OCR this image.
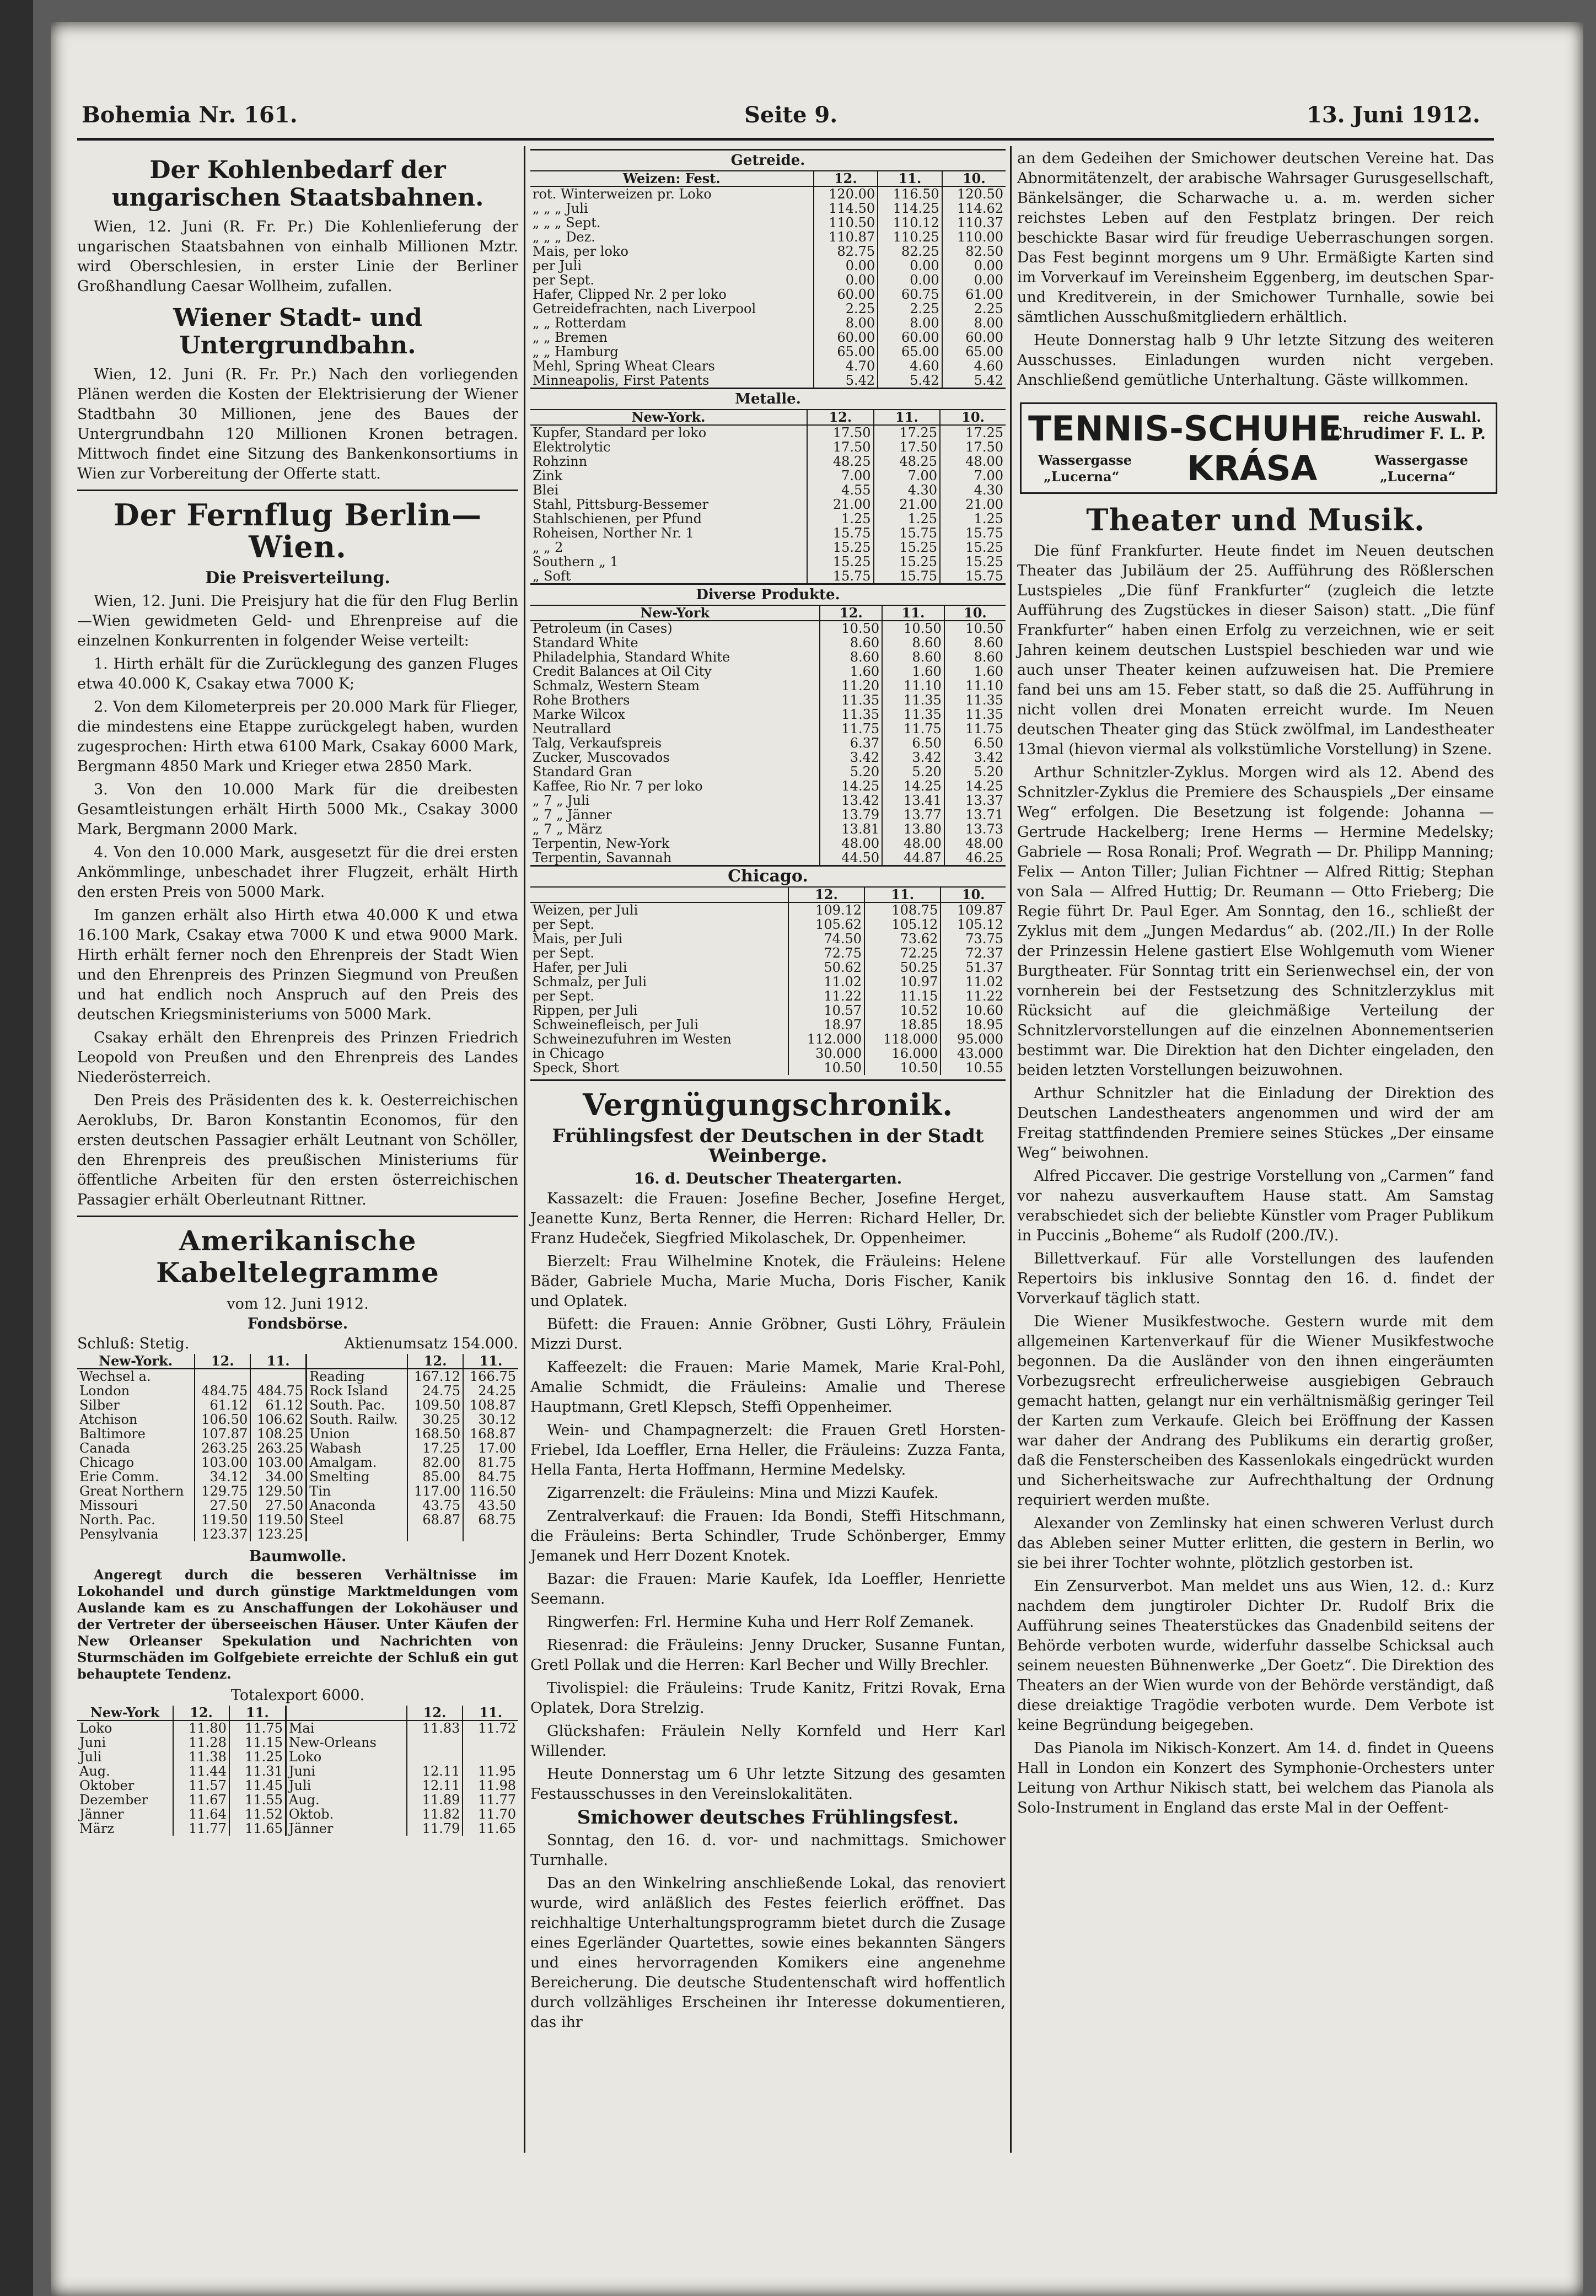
Bohemia Nr. 161.	Seite 9.	13. Juni 1912.
Der Kohlenbedarf der ungarischen Staatsbahnen.

Wien, 12. Juni (R. Fr. Pr.) Die Kohlenlieferung der ungarischen Staatsbahnen von einhalb Millionen Mztr. wird Oberschlesien, in erster Linie der Berliner Großhandlung Caesar Wollheim, zufallen.

Wiener Stadt- und Untergrundbahn.

Wien, 12. Juni (R. Fr. Pr.) Nach den vorliegenden Plänen werden die Kosten der Elektrisierung der Wiener Stadtbahn 30 Millionen, jene des Baues der Untergrundbahn 120 Millionen Kronen betragen. Mittwoch findet eine Sitzung des Bankenkonsortiums in Wien zur Vorbereitung der Offerte statt.

Der Fernflug Berlin—Wien.
Die Preisverteilung.

Wien, 12. Juni. Die Preisjury hat die für den Flug Berlin—Wien gewidmeten Geld- und Ehrenpreise auf die einzelnen Konkurrenten in folgender Weise verteilt:

1. Hirth erhält für die Zurücklegung des ganzen Fluges etwa 40.000 K, Csakay etwa 7000 K;

2. Von dem Kilometerpreis per 20.000 Mark für Flieger, die mindestens eine Etappe zurückgelegt haben, wurden zugesprochen: Hirth etwa 6100 Mark, Csakay 6000 Mark, Bergmann 4850 Mark und Krieger etwa 2850 Mark.

3. Von den 10.000 Mark für die dreibesten Gesamtleistungen erhält Hirth 5000 Mk., Csakay 3000 Mark, Bergmann 2000 Mark.

4. Von den 10.000 Mark, ausgesetzt für die drei ersten Ankömmlinge, unbeschadet ihrer Flugzeit, erhält Hirth den ersten Preis von 5000 Mark.

Im ganzen erhält also Hirth etwa 40.000 K und etwa 16.100 Mark, Csakay etwa 7000 K und etwa 9000 Mark. Hirth erhält ferner noch den Ehrenpreis der Stadt Wien und den Ehrenpreis des Prinzen Siegmund von Preußen und hat endlich noch Anspruch auf den Preis des deutschen Kriegsministeriums von 5000 Mark.

Csakay erhält den Ehrenpreis des Prinzen Friedrich Leopold von Preußen und den Ehrenpreis des Landes Niederösterreich.

Den Preis des Präsidenten des k. k. Oesterreichischen Aeroklubs, Dr. Baron Konstantin Economos, für den ersten deutschen Passagier erhält Leutnant von Schöller, den Ehrenpreis des preußischen Ministeriums für öffentliche Arbeiten für den ersten österreichischen Passagier erhält Oberleutnant Rittner.

Amerikanische Kabeltelegramme
vom 12. Juni 1912.
Fondsbörse.
Schluß: Stetig.	Aktienumsatz 154.000.
New-York.	12.	11.		12.	11.
Wechsel a.			Reading	167.12	166.75
London	484.75	484.75	Rock Island	24.75	24.25
Silber	61.12	61.12	South. Pac.	109.50	108.87
Atchison	106.50	106.62	South. Railw.	30.25	30.12
Baltimore	107.87	108.25	Union	168.50	168.87
Canada	263.25	263.25	Wabash	17.25	17.00
Chicago	103.00	103.00	Amalgam.	82.00	81.75
Erie Comm.	34.12	34.00	Smelting	85.00	84.75
Great Northern	129.75	129.50	Tin	117.00	116.50
Missouri	27.50	27.50	Anaconda	43.75	43.50
North. Pac.	119.50	119.50	Steel	68.87	68.75
Pensylvania	123.37	123.25			
Baumwolle.

Angeregt durch die besseren Verhältnisse im Lokohandel und durch günstige Marktmeldungen vom Auslande kam es zu Anschaffungen der Lokohäuser und der Vertreter der überseeischen Häuser. Unter Käufen der New Orleanser Spekulation und Nachrichten von Sturmschäden im Golfgebiete erreichte der Schluß ein gut behauptete Tendenz.

Totalexport 6000.
New-York	12.	11.		12.	11.
Loko	11.80	11.75	Mai	11.83	11.72
Juni	11.28	11.15	New-Orleans		
Juli	11.38	11.25	Loko		
Aug.	11.44	11.31	Juni	12.11	11.95
Oktober	11.57	11.45	Juli	12.11	11.98
Dezember	11.67	11.55	Aug.	11.89	11.77
Jänner	11.64	11.52	Oktob.	11.82	11.70
März	11.77	11.65	Jänner	11.79	11.65
Getreide.
Weizen: Fest.	12.	11.	10.
rot. Winterweizen pr. Loko	120.00	116.50	120.50
„ „ „ Juli	114.50	114.25	114.62
„ „ „ Sept.	110.50	110.12	110.37
„ „ „ Dez.	110.87	110.25	110.00
Mais, per loko	82.75	82.25	82.50
per Juli	0.00	0.00	0.00
per Sept.	0.00	0.00	0.00
Hafer, Clipped Nr. 2 per loko	60.00	60.75	61.00
Getreidefrachten, nach Liverpool	2.25	2.25	2.25
„ „ Rotterdam	8.00	8.00	8.00
„ „ Bremen	60.00	60.00	60.00
„ „ Hamburg	65.00	65.00	65.00
Mehl, Spring Wheat Clears	4.70	4.60	4.60
Minneapolis, First Patents	5.42	5.42	5.42
Metalle.
New-York.	12.	11.	10.
Kupfer, Standard per loko	17.50	17.25	17.25
Elektrolytic	17.50	17.50	17.50
Rohzinn	48.25	48.25	48.00
Zink	7.00	7.00	7.00
Blei	4.55	4.30	4.30
Stahl, Pittsburg-Bessemer	21.00	21.00	21.00
Stahlschienen, per Pfund	1.25	1.25	1.25
Roheisen, Norther Nr. 1	15.75	15.75	15.75
„ „ 2	15.25	15.25	15.25
Southern „ 1	15.25	15.25	15.25
„ Soft	15.75	15.75	15.75
Diverse Produkte.
New-York	12.	11.	10.
Petroleum (in Cases)	10.50	10.50	10.50
Standard White	8.60	8.60	8.60
Philadelphia, Standard White	8.60	8.60	8.60
Credit Balances at Oil City	1.60	1.60	1.60
Schmalz, Western Steam	11.20	11.10	11.10
Rohe Brothers	11.35	11.35	11.35
Marke Wilcox	11.35	11.35	11.35
Neutrallard	11.75	11.75	11.75
Talg, Verkaufspreis	6.37	6.50	6.50
Zucker, Muscovados	3.42	3.42	3.42
Standard Gran	5.20	5.20	5.20
Kaffee, Rio Nr. 7 per loko	14.25	14.25	14.25
„ 7 „ Juli	13.42	13.41	13.37
„ 7 „ Jänner	13.79	13.77	13.71
„ 7 „ März	13.81	13.80	13.73
Terpentin, New-York	48.00	48.00	48.00
Terpentin, Savannah	44.50	44.87	46.25
Chicago.
	12.	11.	10.
Weizen, per Juli	109.12	108.75	109.87
per Sept.	105.62	105.12	105.12
Mais, per Juli	74.50	73.62	73.75
per Sept.	72.75	72.25	72.37
Hafer, per Juli	50.62	50.25	51.37
Schmalz, per Juli	11.02	10.97	11.02
per Sept.	11.22	11.15	11.22
Rippen, per Juli	10.57	10.52	10.60
Schweinefleisch, per Juli	18.97	18.85	18.95
Schweinezufuhren im Westen	112.000	118.000	95.000
in Chicago	30.000	16.000	43.000
Speck, Short	10.50	10.50	10.55
Vergnügungschronik.
Frühlingsfest der Deutschen in der Stadt Weinberge.
16. d. Deutscher Theatergarten.

Kassazelt: die Frauen: Josefine Becher, Josefine Herget, Jeanette Kunz, Berta Renner, die Herren: Richard Heller, Dr. Franz Hudeček, Siegfried Mikolaschek, Dr. Oppenheimer.

Bierzelt: Frau Wilhelmine Knotek, die Fräuleins: Helene Bäder, Gabriele Mucha, Marie Mucha, Doris Fischer, Kanik und Oplatek.

Büfett: die Frauen: Annie Gröbner, Gusti Löhry, Fräulein Mizzi Durst.

Kaffeezelt: die Frauen: Marie Mamek, Marie Kral-Pohl, Amalie Schmidt, die Fräuleins: Amalie und Therese Hauptmann, Gretl Klepsch, Steffi Oppenheimer.

Wein- und Champagnerzelt: die Frauen Gretl Horsten-Friebel, Ida Loeffler, Erna Heller, die Fräuleins: Zuzza Fanta, Hella Fanta, Herta Hoffmann, Hermine Medelsky.

Zigarrenzelt: die Fräuleins: Mina und Mizzi Kaufek.

Zentralverkauf: die Frauen: Ida Bondi, Steffi Hitschmann, die Fräuleins: Berta Schindler, Trude Schönberger, Emmy Jemanek und Herr Dozent Knotek.

Bazar: die Frauen: Marie Kaufek, Ida Loeffler, Henriette Seemann.

Ringwerfen: Frl. Hermine Kuha und Herr Rolf Zemanek.

Riesenrad: die Fräuleins: Jenny Drucker, Susanne Funtan, Gretl Pollak und die Herren: Karl Becher und Willy Brechler.

Tivolispiel: die Fräuleins: Trude Kanitz, Fritzi Rovak, Erna Oplatek, Dora Strelzig.

Glückshafen: Fräulein Nelly Kornfeld und Herr Karl Willender.

Heute Donnerstag um 6 Uhr letzte Sitzung des gesamten Festausschusses in den Vereinslokalitäten.

Smichower deutsches Frühlingsfest.

Sonntag, den 16. d. vor- und nachmittags. Smichower Turnhalle.

Das an den Winkelring anschließende Lokal, das renoviert wurde, wird anläßlich des Festes feierlich eröffnet. Das reichhaltige Unterhaltungsprogramm bietet durch die Zusage eines Egerländer Quartettes, sowie eines bekannten Sängers und eines hervorragenden Komikers eine angenehme Bereicherung. Die deutsche Studentenschaft wird hoffentlich durch vollzähliges Erscheinen ihr Interesse dokumentieren, das ihr

an dem Gedeihen der Smichower deutschen Vereine hat. Das Abnormitätenzelt, der arabische Wahrsager Gurusgesellschaft, Bänkelsänger, die Scharwache u. a. m. werden sicher reichstes Leben auf den Festplatz bringen. Der reich beschickte Basar wird für freudige Ueberraschungen sorgen. Das Fest beginnt morgens um 9 Uhr. Ermäßigte Karten sind im Vorverkauf im Vereinsheim Eggenberg, im deutschen Spar- und Kreditverein, in der Smichower Turnhalle, sowie bei sämtlichen Ausschußmitgliedern erhältlich.

Heute Donnerstag halb 9 Uhr letzte Sitzung des weiteren Ausschusses. Einladungen wurden nicht vergeben. Anschließend gemütliche Unterhaltung. Gäste willkommen.

TENNIS-SCHUHE
KRÁSA
reiche Auswahl.
Chrudimer F. L. P.
Wassergasse
„Lucerna“
Wassergasse
„Lucerna“
Theater und Musik.

Die fünf Frankfurter. Heute findet im Neuen deutschen Theater das Jubiläum der 25. Aufführung des Rößlerschen Lustspieles „Die fünf Frankfurter“ (zugleich die letzte Aufführung des Zugstückes in dieser Saison) statt. „Die fünf Frankfurter“ haben einen Erfolg zu verzeichnen, wie er seit Jahren keinem deutschen Lustspiel beschieden war und wie auch unser Theater keinen aufzuweisen hat. Die Premiere fand bei uns am 15. Feber statt, so daß die 25. Aufführung in nicht vollen drei Monaten erreicht wurde. Im Neuen deutschen Theater ging das Stück zwölfmal, im Landestheater 13mal (hievon viermal als volkstümliche Vorstellung) in Szene.

Arthur Schnitzler-Zyklus. Morgen wird als 12. Abend des Schnitzler-Zyklus die Premiere des Schauspiels „Der einsame Weg“ erfolgen. Die Besetzung ist folgende: Johanna — Gertrude Hackelberg; Irene Herms — Hermine Medelsky; Gabriele — Rosa Ronali; Prof. Wegrath — Dr. Philipp Manning; Felix — Anton Tiller; Julian Fichtner — Alfred Rittig; Stephan von Sala — Alfred Huttig; Dr. Reumann — Otto Frieberg; Die Regie führt Dr. Paul Eger. Am Sonntag, den 16., schließt der Zyklus mit dem „Jungen Medardus“ ab. (202./II.) In der Rolle der Prinzessin Helene gastiert Else Wohlgemuth vom Wiener Burgtheater. Für Sonntag tritt ein Serienwechsel ein, der von vornherein bei der Festsetzung des Schnitzlerzyklus mit Rücksicht auf die gleichmäßige Verteilung der Schnitzlervorstellungen auf die einzelnen Abonnementserien bestimmt war. Die Direktion hat den Dichter eingeladen, den beiden letzten Vorstellungen beizuwohnen.

Arthur Schnitzler hat die Einladung der Direktion des Deutschen Landestheaters angenommen und wird der am Freitag stattfindenden Premiere seines Stückes „Der einsame Weg“ beiwohnen.

Alfred Piccaver. Die gestrige Vorstellung von „Carmen“ fand vor nahezu ausverkauftem Hause statt. Am Samstag verabschiedet sich der beliebte Künstler vom Prager Publikum in Puccinis „Boheme“ als Rudolf (200./IV.).

Billettverkauf. Für alle Vorstellungen des laufenden Repertoirs bis inklusive Sonntag den 16. d. findet der Vorverkauf täglich statt.

Die Wiener Musikfestwoche. Gestern wurde mit dem allgemeinen Kartenverkauf für die Wiener Musikfestwoche begonnen. Da die Ausländer von den ihnen eingeräumten Vorbezugsrecht erfreulicherweise ausgiebigen Gebrauch gemacht hatten, gelangt nur ein verhältnismäßig geringer Teil der Karten zum Verkaufe. Gleich bei Eröffnung der Kassen war daher der Andrang des Publikums ein derartig großer, daß die Fensterscheiben des Kassenlokals eingedrückt wurden und Sicherheitswache zur Aufrechthaltung der Ordnung requiriert werden mußte.

Alexander von Zemlinsky hat einen schweren Verlust durch das Ableben seiner Mutter erlitten, die gestern in Berlin, wo sie bei ihrer Tochter wohnte, plötzlich gestorben ist.

Ein Zensurverbot. Man meldet uns aus Wien, 12. d.: Kurz nachdem dem jungtiroler Dichter Dr. Rudolf Brix die Aufführung seines Theaterstückes das Gnadenbild seitens der Behörde verboten wurde, widerfuhr dasselbe Schicksal auch seinem neuesten Bühnenwerke „Der Goetz“. Die Direktion des Theaters an der Wien wurde von der Behörde verständigt, daß diese dreiaktige Tragödie verboten wurde. Dem Verbote ist keine Begründung beigegeben.

Das Pianola im Nikisch-Konzert. Am 14. d. findet in Queens Hall in London ein Konzert des Symphonie-Orchesters unter Leitung von Arthur Nikisch statt, bei welchem das Pianola als Solo-Instrument in England das erste Mal in der Oeffent-
